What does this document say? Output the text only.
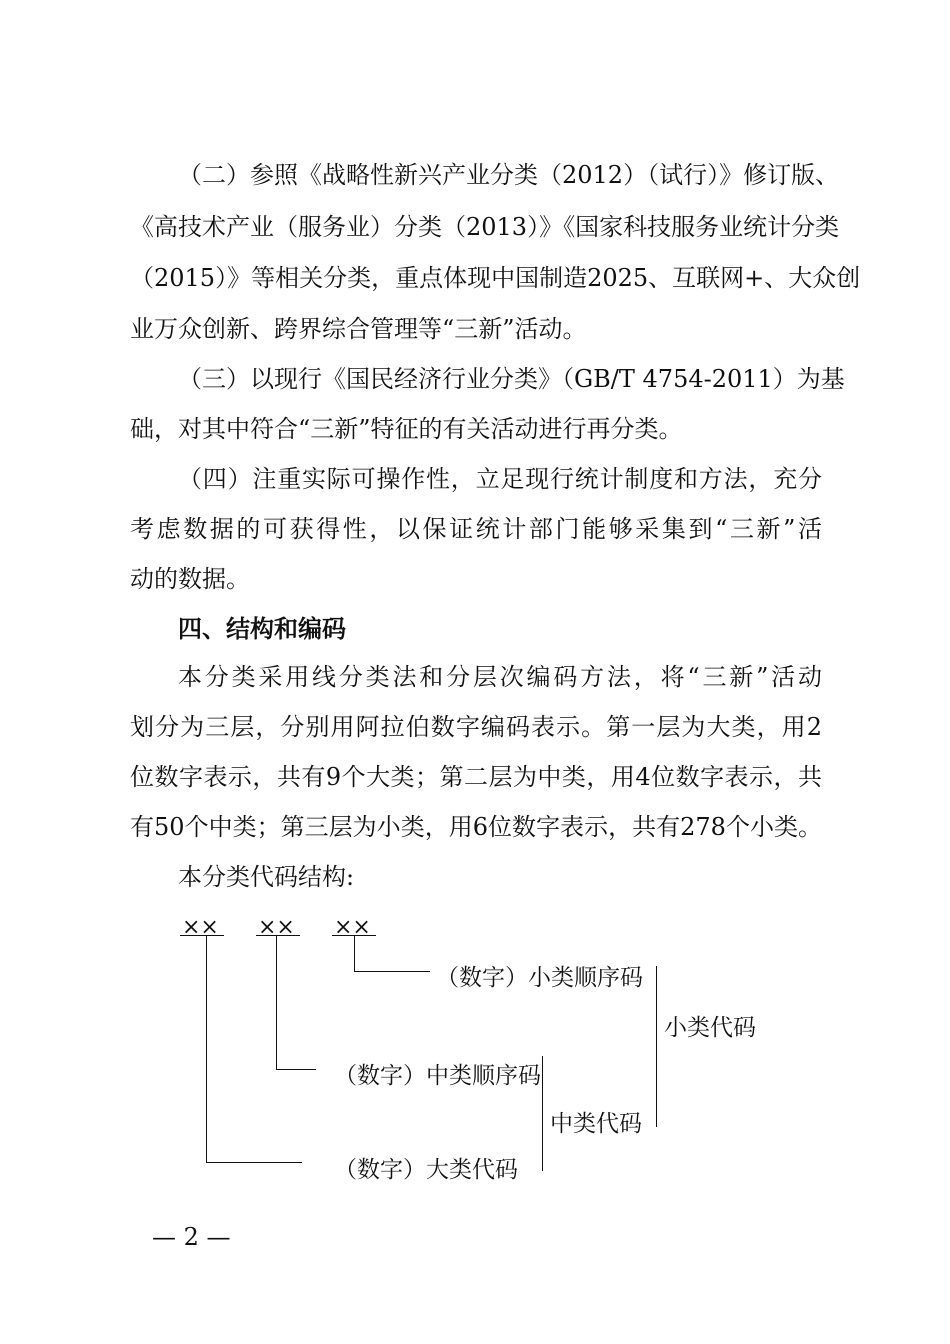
（二）参照《战略性新兴产业分类（2012）（试行）》修订版、
《高技术产业（服务业）分类（2013）》《国家科技服务业统计分类
（2015）》等相关分类，重点体现中国制造2025、互联网+、大众创
业万众创新、跨界综合管理等“三新”活动。
（三）以现行《国民经济行业分类》（GB/T 4754-2011）为基
础，对其中符合“三新”特征的有关活动进行再分类。
（四）注重实际可操作性，立足现行统计制度和方法，充分
考虑数据的可获得性，以保证统计部门能够采集到“三新”活
动的数据。
四、结构和编码
本分类采用线分类法和分层次编码方法，将“三新”活动
划分为三层，分别用阿拉伯数字编码表示。第一层为大类，用2
位数字表示，共有9个大类；第二层为中类，用4位数字表示，共
有50个中类；第三层为小类，用6位数字表示，共有278个小类。
本分类代码结构:
×× ×× ××
（数字）小类顺序码
（数字）中类顺序码
（数字）大类代码
中类代码
小类代码
— 2 —
